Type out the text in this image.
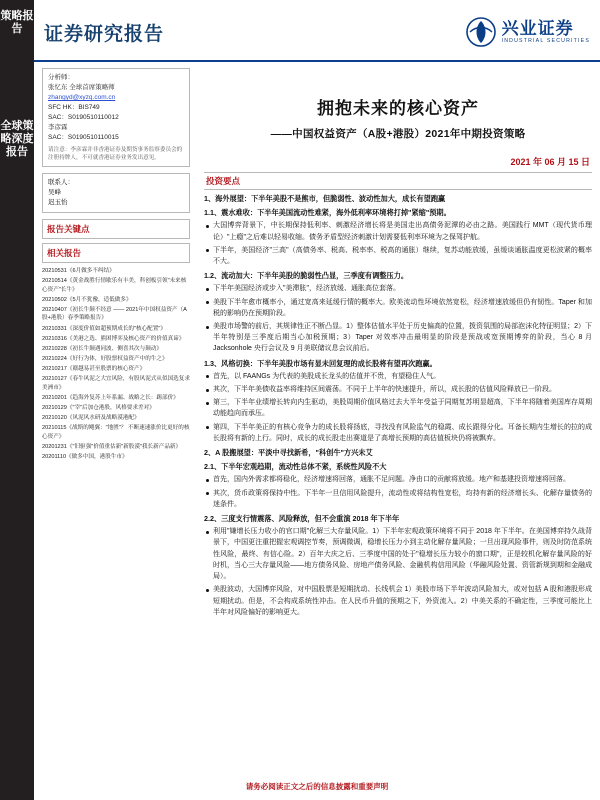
策略报告
全球策略深度报告
证券研究报告	兴业证券
INDUSTRIAL SECURITIES
分析师：
张忆东 全球首席策略师
zhangyd@xyzq.com.cn
SFC HK：BIS749
SAC：S0190510110012
李彦霖
SAC：S0190510110015
请注意：李彦霖并非香港证券及期货事务监察委员会的注册持牌人，不可就香港证券业务发出意见。
联系人：
吴峰
迟玉怡
报告关键点
相关报告
20210531《6月做多不纠结》
20210514《黄金战胜行情歇乐有丰美，科创板引领"未来核心资产"长牛》
20210502《5月不犹豫，适低做多》
20210407《初长牛颠不经意 —— 2021年中国权益资产（A股+港股）春季策略报告》
20210331《深度价值如超预期成长的"核心配置"》
20210316《美港之选、熊困博弈及核心资产的价值真谛》
20210228《初长牛颠遇同波、侧喜其次与颠动》
20210224《好行为体，好股票权益资产中的牛之》
20210217《赣越易甚至股票的核心资产》
20210127《春牛风泥之大宜风险，有股风泥式从似国选复求美洲市》
20210201《趋海外复苏上年系漏、战略之长：踢部价》
20210129《"宰"后加仓港股，风格要求差对》
20210120《风泥风水研及战略漠港配》
20210115《战斯的飓翼："地匮"？ 不断速速涨价比更好的核心资产》
20201231《"旧驱强"价值重估新"新股漠"我长新产品新》
20201110《做多中国，港股牛市》
拥抱未来的核心资产
——中国权益资产（A股+港股）2021年中期投资策略
2021 年 06 月 15 日
投资要点
1、海外展望：下半年美股不是熊市，但脆弱性、波动性加大，成长有望跑赢
1.1、震水难收：下半年美国流动性难紧，海外低利率环境将打掉"紧缩"预期。
大国博弈背景下，中长期保持低利率、刺激经济增长将是美国走出高债务泥潭的必由之路。美国践行 MMT（现代货币理论）"上瘾"之后难以轻易收缩。债务矛盾型经济刺激计划需要低利率环境为之保驾护航。
下半年，美国经济"三高"（高债务率、税高、税率率、税高的通胀）继续，复苏动能放缓，虽缓谈通胀温度更松波紧的概率不大。
1.2、流动加大：下半年美股的脆弱性凸显，三季度有调整压力。
下半年美国经济或步入"美滞胀"，经济放缓、通胀高位套落。
美股下半年愈市概率小，通过宽高来延缓行情的概率大。欧美流动性环境依然宽松，经济增速放缓但仍有韧性。Taper 和加税的影响仍在预期阶段。
美股市场警的前后，其规律性正不断凸显。1）整体估值水平处于历史偏高的位置，拨资氛围的局部泡沫化特征明显；2）下半年特别是三季度后期当心加税预期；3）Taper 对效率冲击最明显的阶段是预战或宽预期博弈的阶段，当心 8 月 Jacksonhole 央行会议及 9 月美联储议息会议前后。
1.3、风格切换：下半年美股市场有显未回复理的成长股将有望再次跑赢。
首先，以 FAANGs 为代表的美股成长龙头的估值并不贵，有望稳住人气。
其次，下半年美债收益率将维持区间震荡。不同于上半年的快速提升，所以，成长股的估值风险释放已一阶段。
第三，下半年业绩增长转向内生驱动，美股周期价值风格过去大半年受益于同期复苏明显超高，下半年将随着美国库存周期动能趋向而承压。
第四，下半年美正的有核心竞争力的成长股将扬底，寻找没有风险监气的稳霞、成长跟得分化。耳备长期内生增长的拉的成长股将有新的上行。同时，成长的成长股走出赛道是了高增长预期的高估值板块仍将被飘弃。
2、A 股搬展望：平淡中寻找新希，"科创牛"方兴未艾
2.1、下半年宏观趋期，流动性总体不紧，系统性风险不大
首先，国内外需求都将稳化，经济增速将回落，通胀不足问题。净由口的贡献将放缓。地产和基建投资增速将回落。
其次，货币政策将保持中性。下半年一旦信用风险提升，流动性或将结构性宽松，均持有新的经济增长头、化解存量债务的迷条件。
2.2、三度支行情震落、风险释放，但不会重演 2018 年下半年
利用"嫌增长压力收小的官口期"化解三大存量风险。1）下半年宏观政策环境将不同于 2018 年下半年。在美国博弈持久战背景下，中国更注重把握宏观调控节奏，预调微调，稳增长压力小到主动化解存量风险；一旦出现风险事件，则及时防范系统性风险，最终、有信心险。2）百年大庆之后、三季度中国的处于"稳增长压力较小的窗口期"，正是较机化解存量风险的好时机，当心三大存量风险——地方债务风险、房地产债务风险、金融机构信用风险（华融风险处置、资管新规到期和金融成局）。
美股波动，大国博弈风险，对中国股票是短期扰动、长线机会 1）美股市场下半年波动风险加大，或对包括 A 股和港股形成短期扰动。但是，不会构成系统性冲击。在人民币升值的预期之下，外资流入。2）中美关系的不确定性，三季度可能比上半年对风险偏好的影响更大。
请务必阅读正文之后的信息披露和重要声明
